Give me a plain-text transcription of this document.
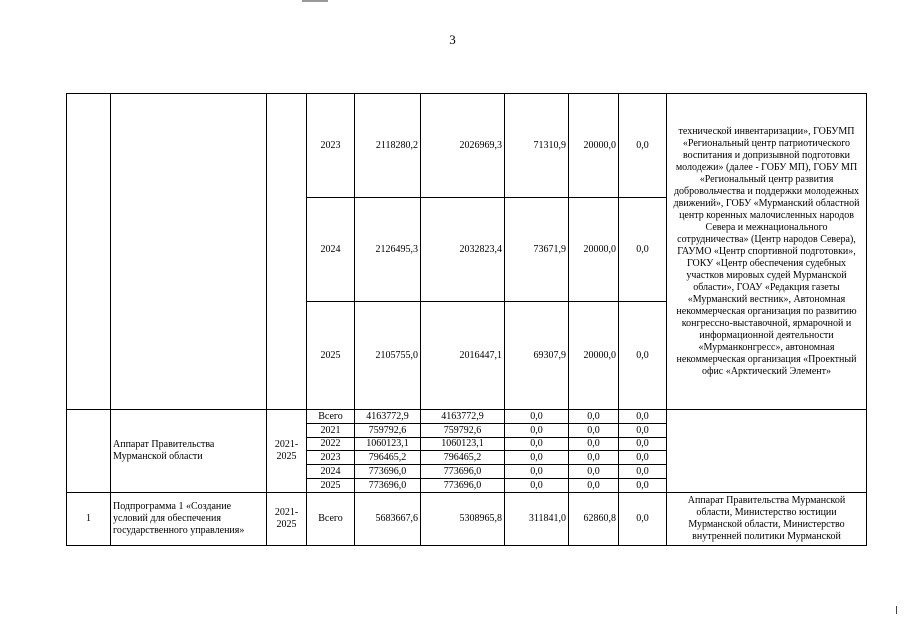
3
			2023	2118280,2	2026969,3	71310,9	20000,0	0,0	технической инвентаризации», ГОБУМП «Региональный центр патриотического воспитания и допризывной подготовки молодежи» (далее - ГОБУ МП), ГОБУ МП «Региональный центр развития добровольчества и поддержки молодежных движений», ГОБУ «Мурманский областной центр коренных малочисленных народов Севера и межнационального сотрудничества» (Центр народов Севера), ГАУМО «Центр спортивной подготовки», ГОКУ «Центр обеспечения судебных участков мировых судей Мурманской области», ГОАУ «Редакция газеты «Мурманский вестник», Автономная некоммерческая организация по развитию конгрессно-выставочной, ярмарочной и информационной деятельности «Мурманконгресс», автономная некоммерческая организация «Проектный офис «Арктический Элемент»
			2024	2126495,3	2032823,4	73671,9	20000,0	0,0	
			2025	2105755,0	2016447,1	69307,9	20000,0	0,0	
	Аппарат Правительства Мурманской области	2021-2025	Всего	4163772,9	4163772,9	0,0	0,0	0,0	
			2021	759792,6	759792,6	0,0	0,0	0,0	
			2022	1060123,1	1060123,1	0,0	0,0	0,0	
			2023	796465,2	796465,2	0,0	0,0	0,0	
			2024	773696,0	773696,0	0,0	0,0	0,0	
			2025	773696,0	773696,0	0,0	0,0	0,0	
1	Подпрограмма 1 «Создание условий для обеспечения государственного управления»	2021-2025	Всего	5683667,6	5308965,8	311841,0	62860,8	0,0	Аппарат Правительства Мурманской области, Министерство юстиции Мурманской области, Министерство внутренней политики Мурманской
